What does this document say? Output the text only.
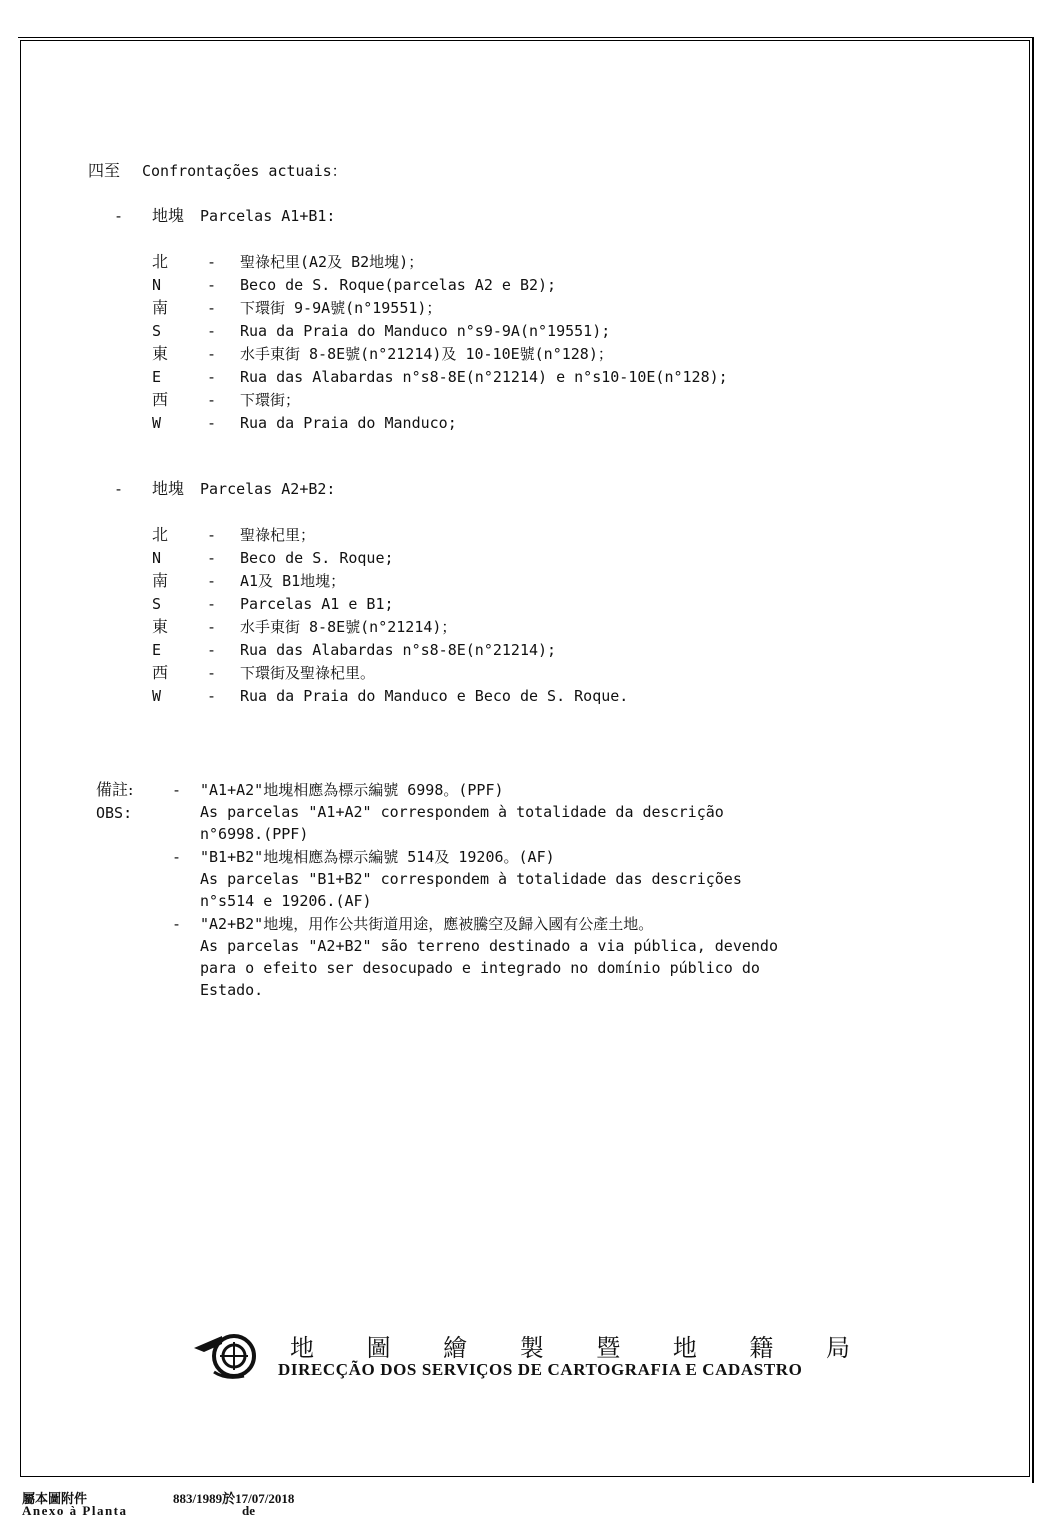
四至 Confrontações actuais：
- 地塊 Parcelas A1+B1:
北	- 聖祿杞里(A2及 B2地塊)；
N	- Beco de S. Roque(parcelas A2 e B2);
南	- 下環街 9-9A號(n°19551)；
S	- Rua da Praia do Manduco n°s9-9A(n°19551);
東	- 水手東街 8-8E號(n°21214)及 10-10E號(n°128)；
E	- Rua das Alabardas n°s8-8E(n°21214) e n°s10-10E(n°128);
西	- 下環街；
W	- Rua da Praia do Manduco;
- 地塊 Parcelas A2+B2:
北	- 聖祿杞里；
N	- Beco de S. Roque;
南	- A1及 B1地塊；
S	- Parcelas A1 e B1;
東	- 水手東街 8-8E號(n°21214)；
E	- Rua das Alabardas n°s8-8E(n°21214);
西	- 下環街及聖祿杞里。
W	- Rua da Praia do Manduco e Beco de S. Roque.
備註:
OBS:
- "A1+A2"地塊相應為標示編號 6998。(PPF)
As parcelas "A1+A2" correspondem à totalidade da descrição
n°6998.(PPF)
- "B1+B2"地塊相應為標示編號 514及 19206。(AF)
As parcelas "B1+B2" correspondem à totalidade das descrições
n°s514 e 19206.(AF)
- "A2+B2"地塊，用作公共街道用途，應被騰空及歸入國有公產土地。
As parcelas "A2+B2" são terreno destinado a via pública, devendo
para o efeito ser desocupado e integrado no domínio público do
Estado.
地 圖 繪 製 暨 地 籍 局
DIRECÇÃO DOS SERVIÇOS DE CARTOGRAFIA E CADASTRO
屬本圖附件
Anexo à Planta
883/1989於17/07/2018
de
